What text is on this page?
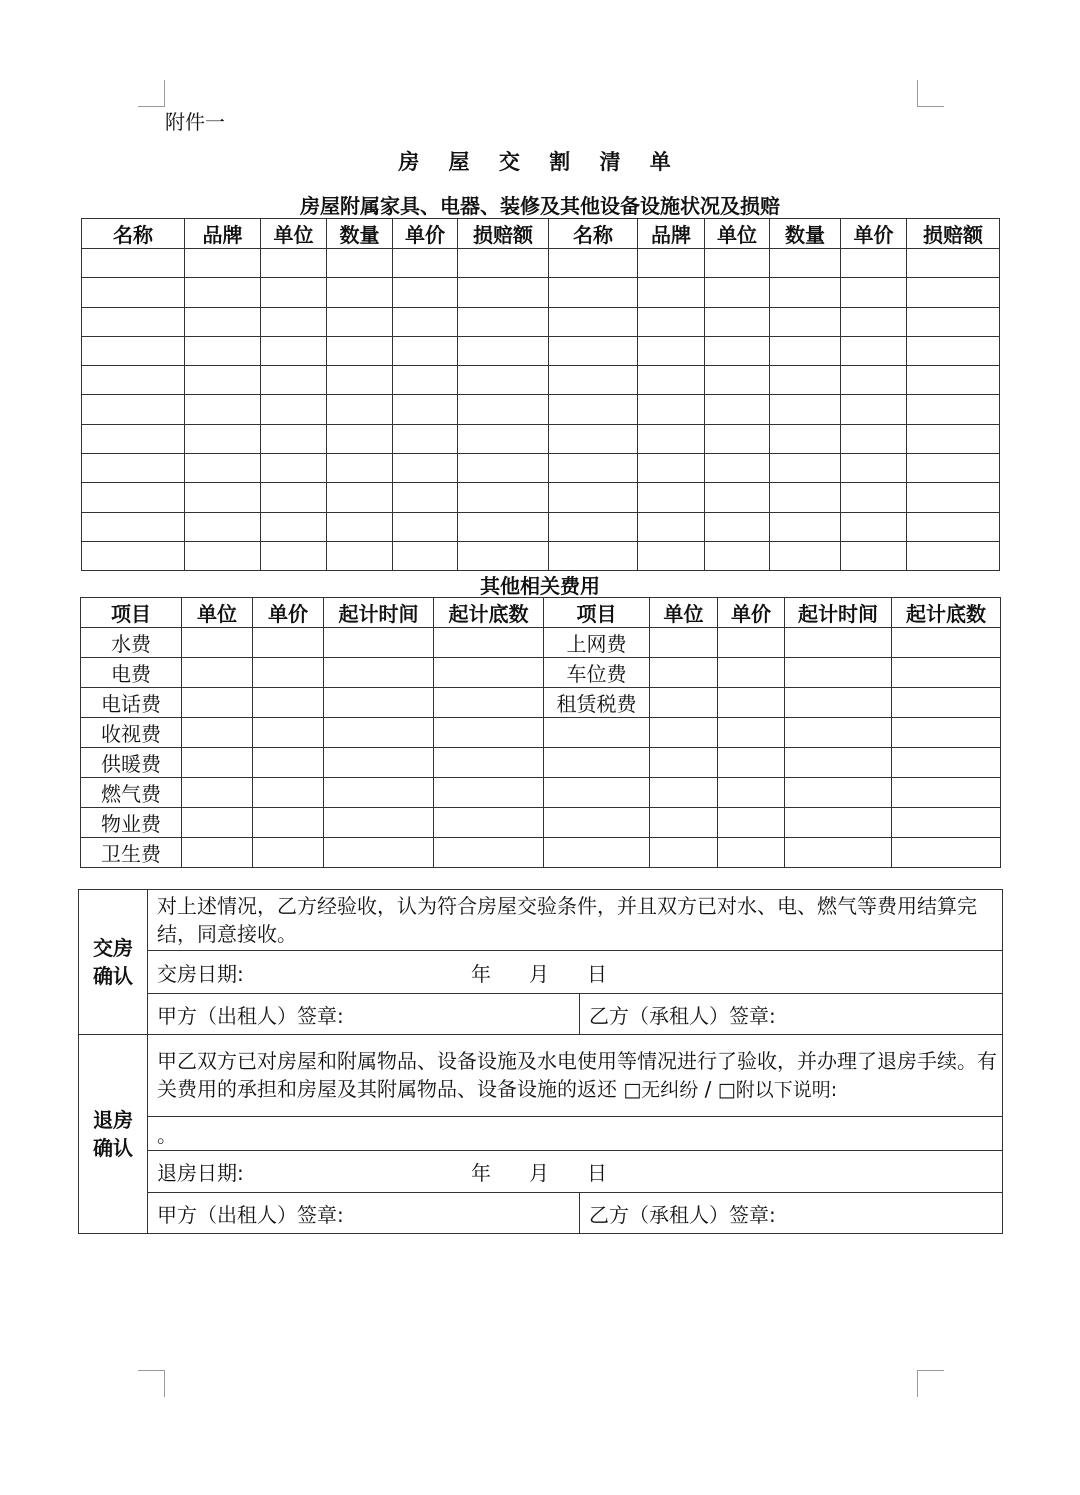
附件一
房 屋 交 割 清 单
房屋附属家具、电器、装修及其他设备设施状况及损赔
名称	品牌	单位	数量	单价	损赔额	名称	品牌	单位	数量	单价	损赔额

其他相关费用
项目	单位	单价	起计时间	起计底数	项目	单位	单价	起计时间	起计底数
水费					上网费				
电费					车位费				
电话费					租赁税费				
收视费									
供暖费									
燃气费									
物业费									
卫生费									
交房
确认	对上述情况，乙方经验收，认为符合房屋交验条件，并且双方已对水、电、燃气等费用结算完结，同意接收。	
	交房日期: 年 月 日	
	甲方（出租人）签章:	乙方（承租人）签章:

退房
确认	甲乙双方已对房屋和附属物品、设备设施及水电使用等情况进行了验收，并办理了退房手续。有关费用的承担和房屋及其附属物品、设备设施的返还 □无纠纷 / □附以下说明:	
	。	
	退房日期: 年 月 日	
	甲方（出租人）签章:	乙方（承租人）签章:
